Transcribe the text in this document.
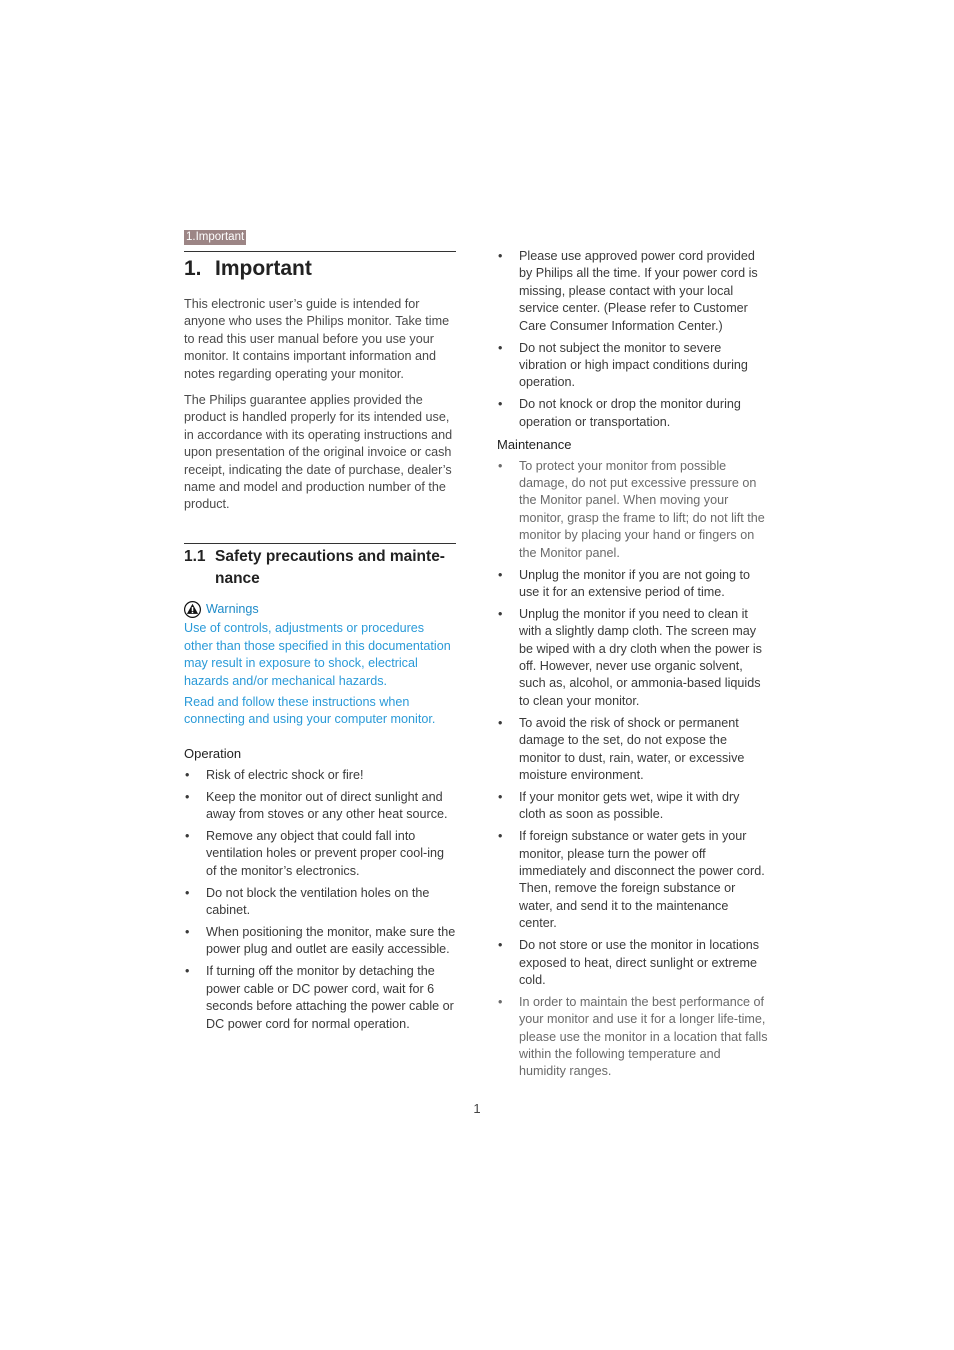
1.Important
1. Important

This electronic user’s guide is intended for anyone who uses the Philips monitor. Take time to read this user manual before you use your monitor. It contains important information and notes regarding operating your monitor.

The Philips guarantee applies provided the product is handled properly for its intended use, in accordance with its operating instructions and upon presentation of the original invoice or cash receipt, indicating the date of purchase, dealer’s name and model and production number of the product.

1.1 Safety precautions and mainte-nance
Warnings

Use of controls, adjustments or procedures other than those specified in this documentation may result in exposure to shock, electrical hazards and/or mechanical hazards.

Read and follow these instructions when connecting and using your computer monitor.

Operation
• Risk of electric shock or fire!
• Keep the monitor out of direct sunlight and away from stoves or any other heat source.
• Remove any object that could fall into ventilation holes or prevent proper cool-ing of the monitor’s electronics.
• Do not block the ventilation holes on the cabinet.
• When positioning the monitor, make sure the power plug and outlet are easily accessible.
• If turning off the monitor by detaching the power cable or DC power cord, wait for 6 seconds before attaching the power cable or DC power cord for normal operation.
• Please use approved power cord provided by Philips all the time. If your power cord is missing, please contact with your local service center. (Please refer to Customer Care Consumer Information Center.)
• Do not subject the monitor to severe vibration or high impact conditions during operation.
• Do not knock or drop the monitor during operation or transportation.
Maintenance
• To protect your monitor from possible damage, do not put excessive pressure on the Monitor panel. When moving your monitor, grasp the frame to lift; do not lift the monitor by placing your hand or fingers on the Monitor panel.
• Unplug the monitor if you are not going to use it for an extensive period of time.
• Unplug the monitor if you need to clean it with a slightly damp cloth. The screen may be wiped with a dry cloth when the power is off. However, never use organic solvent, such as, alcohol, or ammonia-based liquids to clean your monitor.
• To avoid the risk of shock or permanent damage to the set, do not expose the monitor to dust, rain, water, or excessive moisture environment.
• If your monitor gets wet, wipe it with dry cloth as soon as possible.
• If foreign substance or water gets in your monitor, please turn the power off immediately and disconnect the power cord. Then, remove the foreign substance or water, and send it to the maintenance center.
• Do not store or use the monitor in locations exposed to heat, direct sunlight or extreme cold.
• In order to maintain the best performance of your monitor and use it for a longer life-time, please use the monitor in a location that falls within the following temperature and humidity ranges.
1
